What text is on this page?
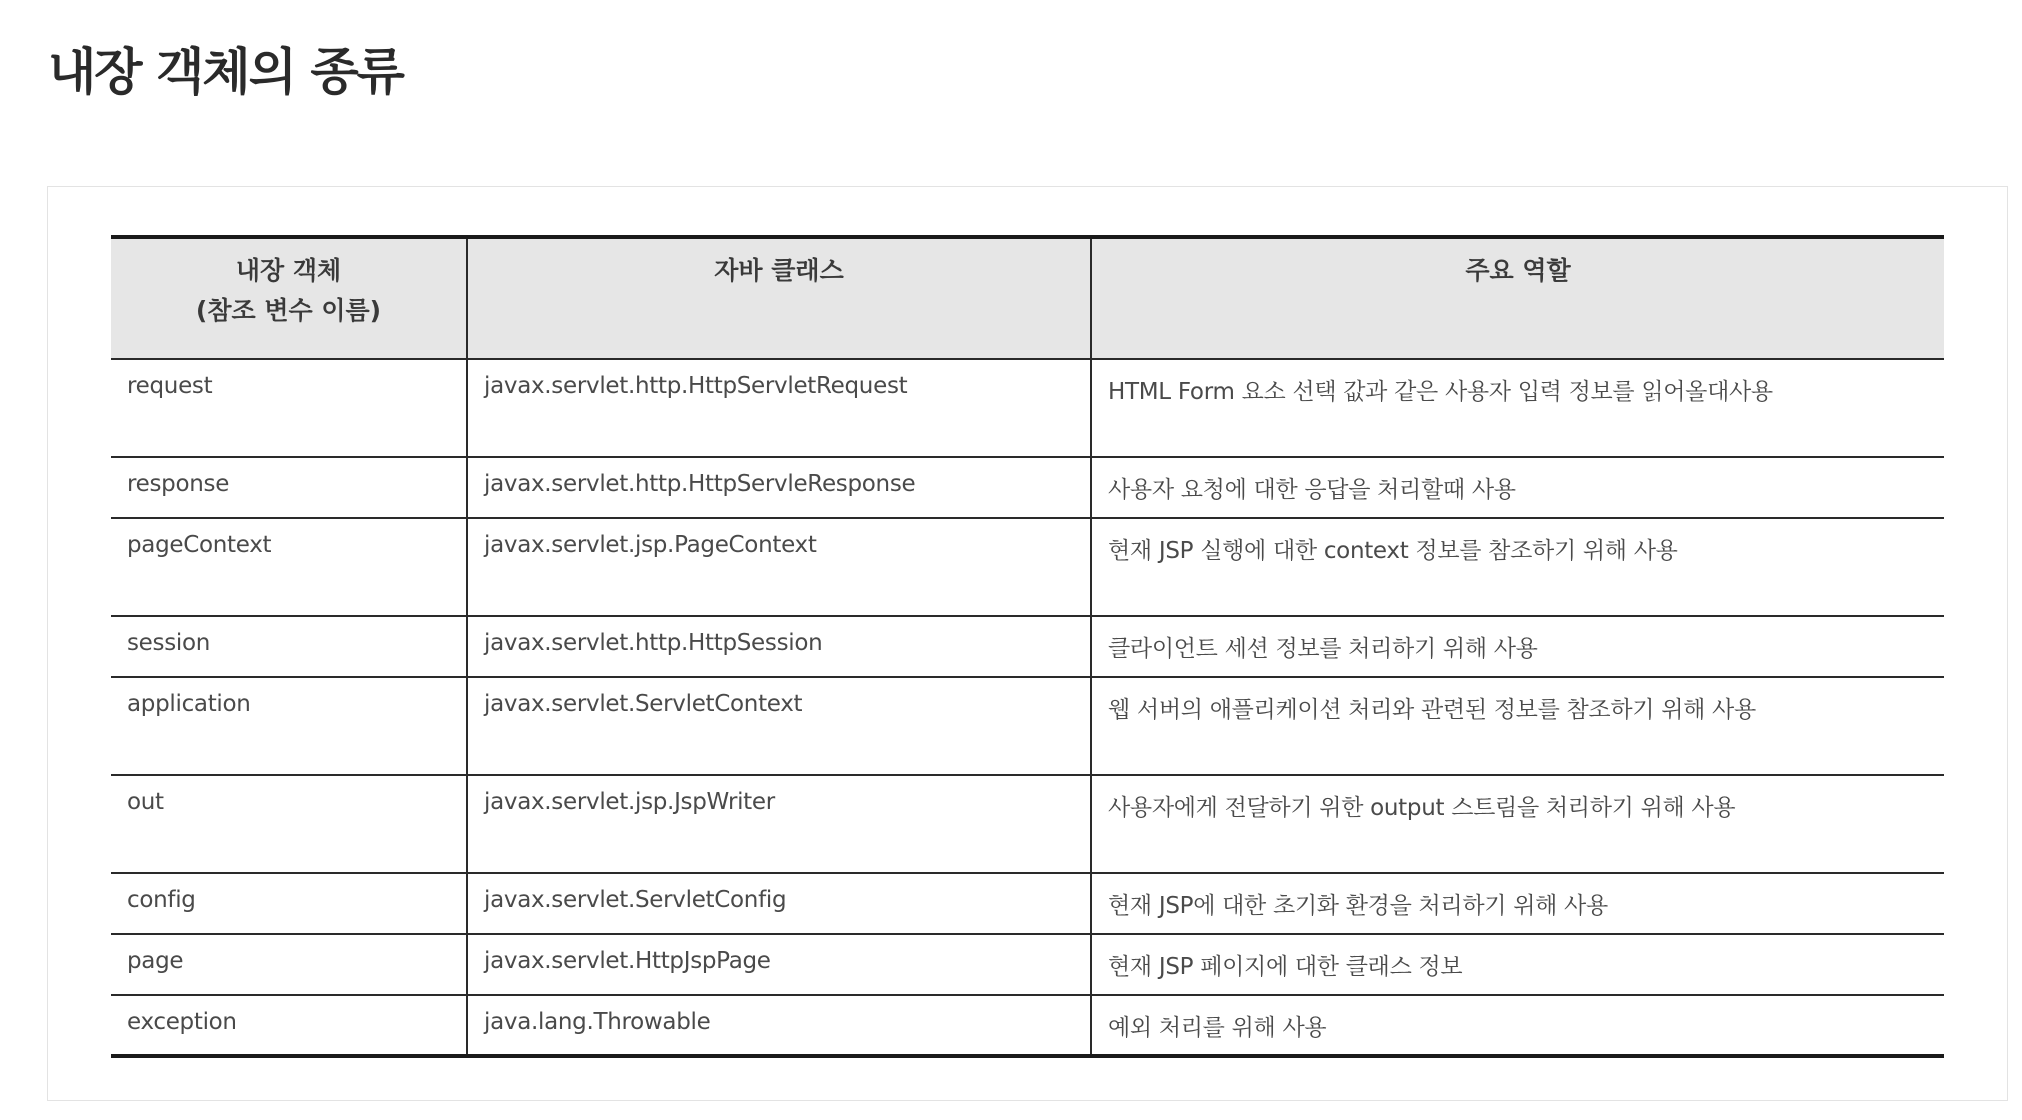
내장 객체의 종류
내장 객체
(참조 변수 이름)	자바 클래스	주요 역할
request	javax.servlet.http.HttpServletRequest	HTML Form 요소 선택 값과 같은 사용자 입력 정보를 읽어올대사용
response	javax.servlet.http.HttpServleResponse	사용자 요청에 대한 응답을 처리할때 사용
pageContext	javax.servlet.jsp.PageContext	현재 JSP 실행에 대한 context 정보를 참조하기 위해 사용
session	javax.servlet.http.HttpSession	클라이언트 세션 정보를 처리하기 위해 사용
application	javax.servlet.ServletContext	웹 서버의 애플리케이션 처리와 관련된 정보를 참조하기 위해 사용
out	javax.servlet.jsp.JspWriter	사용자에게 전달하기 위한 output 스트림을 처리하기 위해 사용
config	javax.servlet.ServletConfig	현재 JSP에 대한 초기화 환경을 처리하기 위해 사용
page	javax.servlet.HttpJspPage	현재 JSP 페이지에 대한 클래스 정보
exception	java.lang.Throwable	예외 처리를 위해 사용
